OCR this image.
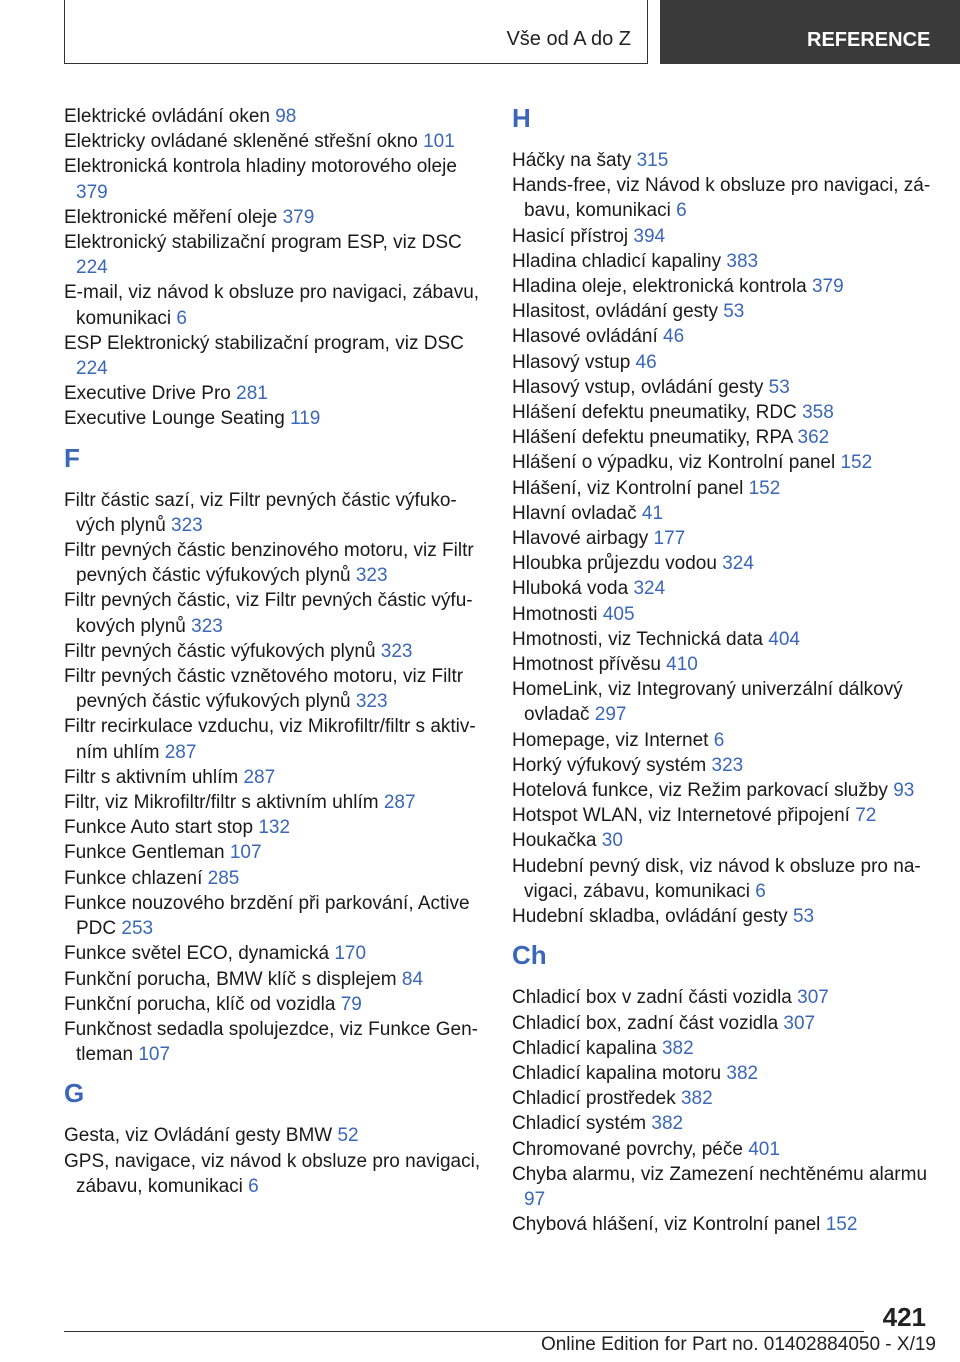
Vše od A do Z	REFERENCE
Elektrické ovládání oken 98
Elektricky ovládané skleněné střešní okno 101
Elektronická kontrola hladiny motorového oleje 379
Elektronické měření oleje 379
Elektronický stabilizační program ESP, viz DSC 224
E-mail, viz návod k obsluze pro navigaci, zábavu, komunikaci 6
ESP Elektronický stabilizační program, viz DSC 224
Executive Drive Pro 281
Executive Lounge Seating 119
F
Filtr částic sazí, viz Filtr pevných částic výfukových plynů 323
Filtr pevných částic benzinového motoru, viz Filtr pevných částic výfukových plynů 323
Filtr pevných částic, viz Filtr pevných částic výfukových plynů 323
Filtr pevných částic výfukových plynů 323
Filtr pevných částic vznětového motoru, viz Filtr pevných částic výfukových plynů 323
Filtr recirkulace vzduchu, viz Mikrofiltr/filtr s aktivním uhlím 287
Filtr s aktivním uhlím 287
Filtr, viz Mikrofiltr/filtr s aktivním uhlím 287
Funkce Auto start stop 132
Funkce Gentleman 107
Funkce chlazení 285
Funkce nouzového brzdění při parkování, Active PDC 253
Funkce světel ECO, dynamická 170
Funkční porucha, BMW klíč s displejem 84
Funkční porucha, klíč od vozidla 79
Funkčnost sedadla spolujezdce, viz Funkce Gentleman 107
G
Gesta, viz Ovládání gesty BMW 52
GPS, navigace, viz návod k obsluze pro navigaci, zábavu, komunikaci 6
H
Háčky na šaty 315
Hands-free, viz Návod k obsluze pro navigaci, zábavu, komunikaci 6
Hasicí přístroj 394
Hladina chladicí kapaliny 383
Hladina oleje, elektronická kontrola 379
Hlasitost, ovládání gesty 53
Hlasové ovládání 46
Hlasový vstup 46
Hlasový vstup, ovládání gesty 53
Hlášení defektu pneumatiky, RDC 358
Hlášení defektu pneumatiky, RPA 362
Hlášení o výpadku, viz Kontrolní panel 152
Hlášení, viz Kontrolní panel 152
Hlavní ovladač 41
Hlavové airbagy 177
Hloubka průjezdu vodou 324
Hluboká voda 324
Hmotnosti 405
Hmotnosti, viz Technická data 404
Hmotnost přívěsu 410
HomeLink, viz Integrovaný univerzální dálkový ovladač 297
Homepage, viz Internet 6
Horký výfukový systém 323
Hotelová funkce, viz Režim parkovací služby 93
Hotspot WLAN, viz Internetové připojení 72
Houkačka 30
Hudební pevný disk, viz návod k obsluze pro navigaci, zábavu, komunikaci 6
Hudební skladba, ovládání gesty 53
Ch
Chladicí box v zadní části vozidla 307
Chladicí box, zadní část vozidla 307
Chladicí kapalina 382
Chladicí kapalina motoru 382
Chladicí prostředek 382
Chladicí systém 382
Chromované povrchy, péče 401
Chyba alarmu, viz Zamezení nechtěnému alarmu 97
Chybová hlášení, viz Kontrolní panel 152
421
Online Edition for Part no. 01402884050 - X/19
